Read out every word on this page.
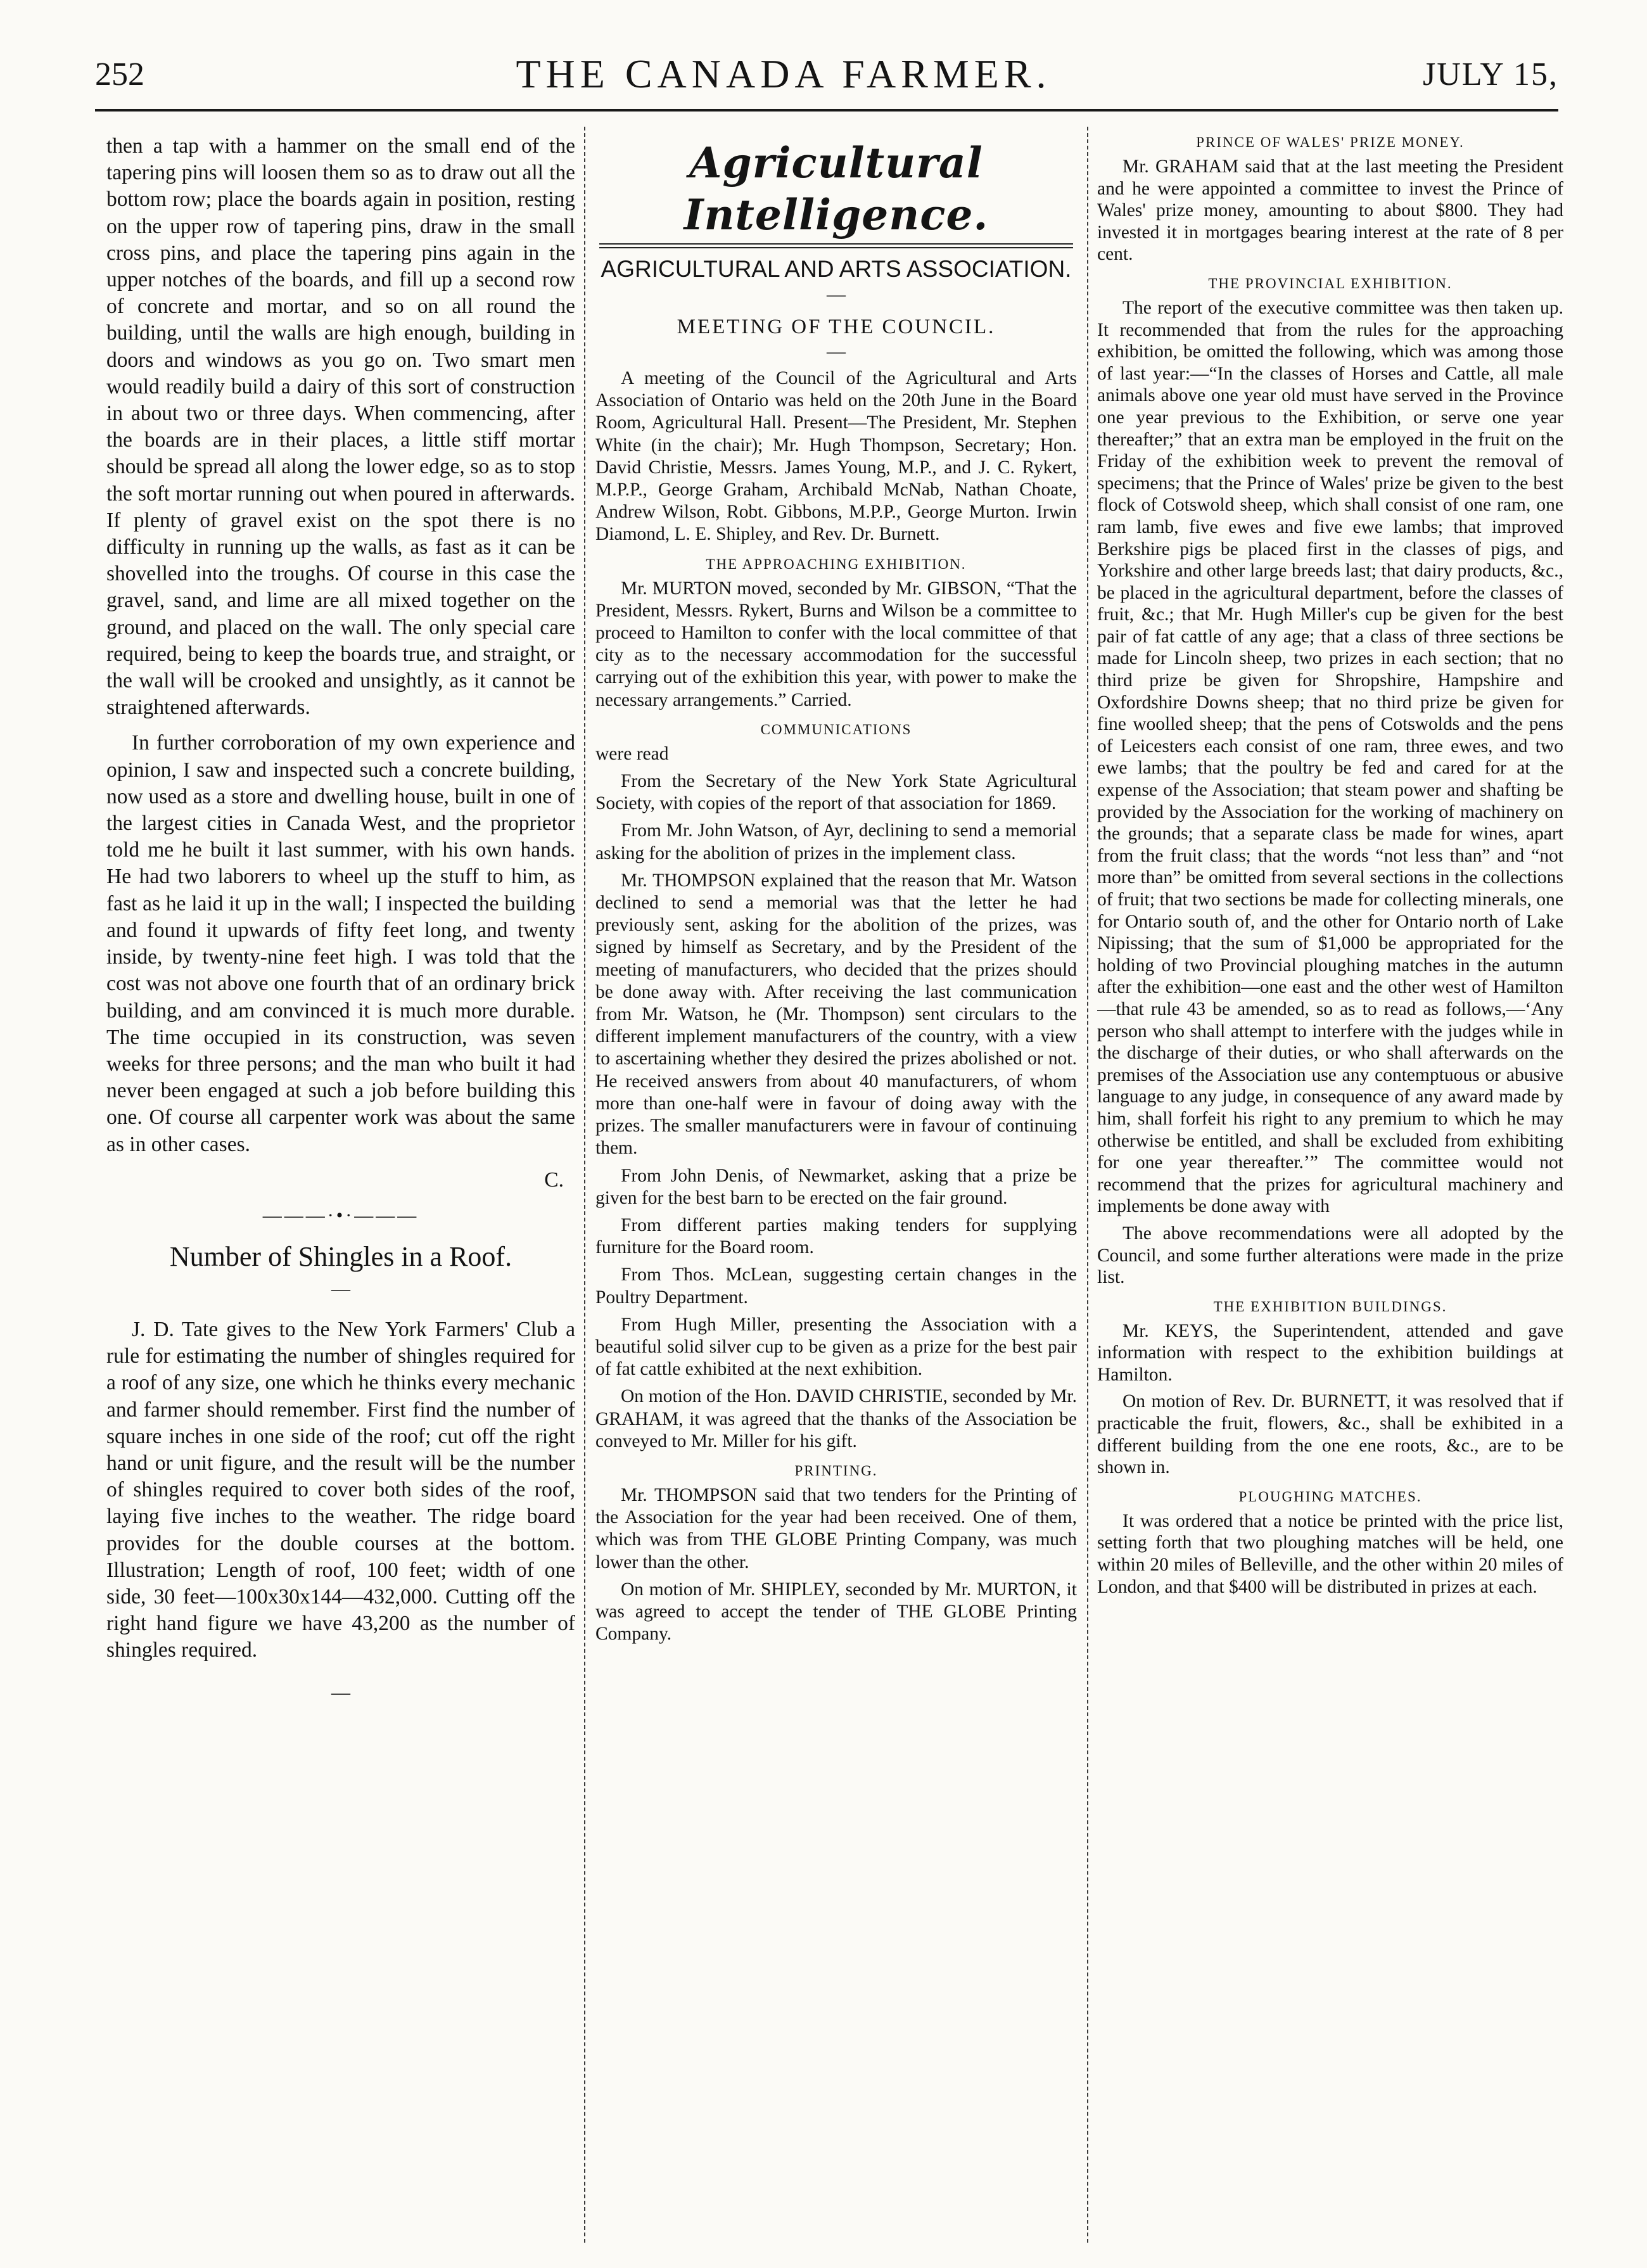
252	THE CANADA FARMER.	JULY 15,

then a tap with a hammer on the small end of the tapering pins will loosen them so as to draw out all the bottom row; place the boards again in position, resting on the upper row of tapering pins, draw in the small cross pins, and place the tapering pins again in the upper notches of the boards, and fill up a second row of concrete and mortar, and so on all round the building, until the walls are high enough, building in doors and windows as you go on. Two smart men would readily build a dairy of this sort of construction in about two or three days. When commencing, after the boards are in their places, a little stiff mortar should be spread all along the lower edge, so as to stop the soft mortar running out when poured in afterwards. If plenty of gravel exist on the spot there is no difficulty in running up the walls, as fast as it can be shovelled into the troughs. Of course in this case the gravel, sand, and lime are all mixed together on the ground, and placed on the wall. The only special care required, being to keep the boards true, and straight, or the wall will be crooked and unsightly, as it cannot be straightened afterwards.

In further corroboration of my own experience and opinion, I saw and inspected such a concrete building, now used as a store and dwelling house, built in one of the largest cities in Canada West, and the proprietor told me he built it last summer, with his own hands. He had two laborers to wheel up the stuff to him, as fast as he laid it up in the wall; I inspected the building and found it upwards of fifty feet long, and twenty inside, by twenty-nine feet high. I was told that the cost was not above one fourth that of an ordinary brick building, and am convinced it is much more durable. The time occupied in its construction, was seven weeks for three persons; and the man who built it had never been engaged at such a job before building this one. Of course all carpenter work was about the same as in other cases.

C.
———·•·———
Number of Shingles in a Roof.
—

J. D. Tate gives to the New York Farmers' Club a rule for estimating the number of shingles required for a roof of any size, one which he thinks every mechanic and farmer should remember. First find the number of square inches in one side of the roof; cut off the right hand or unit figure, and the result will be the number of shingles required to cover both sides of the roof, laying five inches to the weather. The ridge board provides for the double courses at the bottom. Illustration; Length of roof, 100 feet; width of one side, 30 feet—100x30x144—432,000. Cutting off the right hand figure we have 43,200 as the number of shingles required.

—
Agricultural Intelligence.
AGRICULTURAL AND ARTS ASSOCIATION.
—
MEETING OF THE COUNCIL.
—

A meeting of the Council of the Agricultural and Arts Association of Ontario was held on the 20th June in the Board Room, Agricultural Hall. Present—The President, Mr. Stephen White (in the chair); Mr. Hugh Thompson, Secretary; Hon. David Christie, Messrs. James Young, M.P., and J. C. Rykert, M.P.P., George Graham, Archibald McNab, Nathan Choate, Andrew Wilson, Robt. Gibbons, M.P.P., George Murton. Irwin Diamond, L. E. Shipley, and Rev. Dr. Burnett.

THE APPROACHING EXHIBITION.

Mr. MURTON moved, seconded by Mr. GIBSON, “That the President, Messrs. Rykert, Burns and Wilson be a committee to proceed to Hamilton to confer with the local committee of that city as to the necessary accommodation for the successful carrying out of the exhibition this year, with power to make the necessary arrangements.” Carried.

COMMUNICATIONS

were read

From the Secretary of the New York State Agricultural Society, with copies of the report of that association for 1869.

From Mr. John Watson, of Ayr, declining to send a memorial asking for the abolition of prizes in the implement class.

Mr. THOMPSON explained that the reason that Mr. Watson declined to send a memorial was that the letter he had previously sent, asking for the abolition of the prizes, was signed by himself as Secretary, and by the President of the meeting of manufacturers, who decided that the prizes should be done away with. After receiving the last communication from Mr. Watson, he (Mr. Thompson) sent circulars to the different implement manufacturers of the country, with a view to ascertaining whether they desired the prizes abolished or not. He received answers from about 40 manufacturers, of whom more than one-half were in favour of doing away with the prizes. The smaller manufacturers were in favour of continuing them.

From John Denis, of Newmarket, asking that a prize be given for the best barn to be erected on the fair ground.

From different parties making tenders for supplying furniture for the Board room.

From Thos. McLean, suggesting certain changes in the Poultry Department.

From Hugh Miller, presenting the Association with a beautiful solid silver cup to be given as a prize for the best pair of fat cattle exhibited at the next exhibition.

On motion of the Hon. DAVID CHRISTIE, seconded by Mr. GRAHAM, it was agreed that the thanks of the Association be conveyed to Mr. Miller for his gift.

PRINTING.

Mr. THOMPSON said that two tenders for the Printing of the Association for the year had been received. One of them, which was from THE GLOBE Printing Company, was much lower than the other.

On motion of Mr. SHIPLEY, seconded by Mr. MURTON, it was agreed to accept the tender of THE GLOBE Printing Company.

PRINCE OF WALES' PRIZE MONEY.

Mr. GRAHAM said that at the last meeting the President and he were appointed a committee to invest the Prince of Wales' prize money, amounting to about $800. They had invested it in mortgages bearing interest at the rate of 8 per cent.

THE PROVINCIAL EXHIBITION.

The report of the executive committee was then taken up. It recommended that from the rules for the approaching exhibition, be omitted the following, which was among those of last year:—“In the classes of Horses and Cattle, all male animals above one year old must have served in the Province one year previous to the Exhibition, or serve one year thereafter;” that an extra man be employed in the fruit on the Friday of the exhibition week to prevent the removal of specimens; that the Prince of Wales' prize be given to the best flock of Cotswold sheep, which shall consist of one ram, one ram lamb, five ewes and five ewe lambs; that improved Berkshire pigs be placed first in the classes of pigs, and Yorkshire and other large breeds last; that dairy products, &c., be placed in the agricultural department, before the classes of fruit, &c.; that Mr. Hugh Miller's cup be given for the best pair of fat cattle of any age; that a class of three sections be made for Lincoln sheep, two prizes in each section; that no third prize be given for Shropshire, Hampshire and Oxfordshire Downs sheep; that no third prize be given for fine woolled sheep; that the pens of Cotswolds and the pens of Leicesters each consist of one ram, three ewes, and two ewe lambs; that the poultry be fed and cared for at the expense of the Association; that steam power and shafting be provided by the Association for the working of machinery on the grounds; that a separate class be made for wines, apart from the fruit class; that the words “not less than” and “not more than” be omitted from several sections in the collections of fruit; that two sections be made for collecting minerals, one for Ontario south of, and the other for Ontario north of Lake Nipissing; that the sum of $1,000 be appropriated for the holding of two Provincial ploughing matches in the autumn after the exhibition—one east and the other west of Hamilton—that rule 43 be amended, so as to read as follows,—‘Any person who shall attempt to interfere with the judges while in the discharge of their duties, or who shall afterwards on the premises of the Association use any contemptuous or abusive language to any judge, in consequence of any award made by him, shall forfeit his right to any premium to which he may otherwise be entitled, and shall be excluded from exhibiting for one year thereafter.’” The committee would not recommend that the prizes for agricultural machinery and implements be done away with

The above recommendations were all adopted by the Council, and some further alterations were made in the prize list.

THE EXHIBITION BUILDINGS.

Mr. KEYS, the Superintendent, attended and gave information with respect to the exhibition buildings at Hamilton.

On motion of Rev. Dr. BURNETT, it was resolved that if practicable the fruit, flowers, &c., shall be exhibited in a different building from the one ene roots, &c., are to be shown in.

PLOUGHING MATCHES.

It was ordered that a notice be printed with the price list, setting forth that two ploughing matches will be held, one within 20 miles of Belleville, and the other within 20 miles of London, and that $400 will be distributed in prizes at each.
